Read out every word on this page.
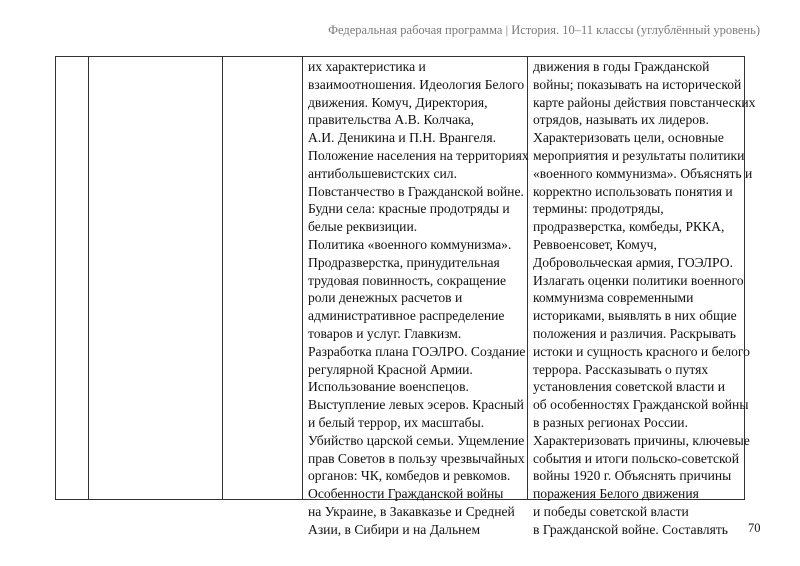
Федеральная рабочая программа | История. 10–11 классы (углублённый уровень)
их характеристика и
взаимоотношения. Идеология Белого
движения. Комуч, Директория,
правительства А.В. Колчака,
А.И. Деникина и П.Н. Врангеля.
Положение населения на территориях
антибольшевистских сил.
Повстанчество в Гражданской войне.
Будни села: красные продотряды и
белые реквизиции.
Политика «военного коммунизма».
Продразверстка, принудительная
трудовая повинность, сокращение
роли денежных расчетов и
административное распределение
товаров и услуг. Главкизм.
Разработка плана ГОЭЛРО. Создание
регулярной Красной Армии.
Использование военспецов.
Выступление левых эсеров. Красный
и белый террор, их масштабы.
Убийство царской семьи. Ущемление
прав Советов в пользу чрезвычайных
органов: ЧК, комбедов и ревкомов.
Особенности Гражданской войны
на Украине, в Закавказье и Средней
Азии, в Сибири и на Дальнем
движения в годы Гражданской
войны; показывать на исторической
карте районы действия повстанческих
отрядов, называть их лидеров.
Характеризовать цели, основные
мероприятия и результаты политики
«военного коммунизма». Объяснять и
корректно использовать понятия и
термины: продотряды,
продразверстка, комбеды, РККА,
Реввоенсовет, Комуч,
Добровольческая армия, ГОЭЛРО.
Излагать оценки политики военного
коммунизма современными
историками, выявлять в них общие
положения и различия. Раскрывать
истоки и сущность красного и белого
террора. Рассказывать о путях
установления советской власти и
об особенностях Гражданской войны
в разных регионах России.
Характеризовать причины, ключевые
события и итоги польско-советской
войны 1920 г. Объяснять причины
поражения Белого движения
и победы советской власти
в Гражданской войне. Составлять	70
